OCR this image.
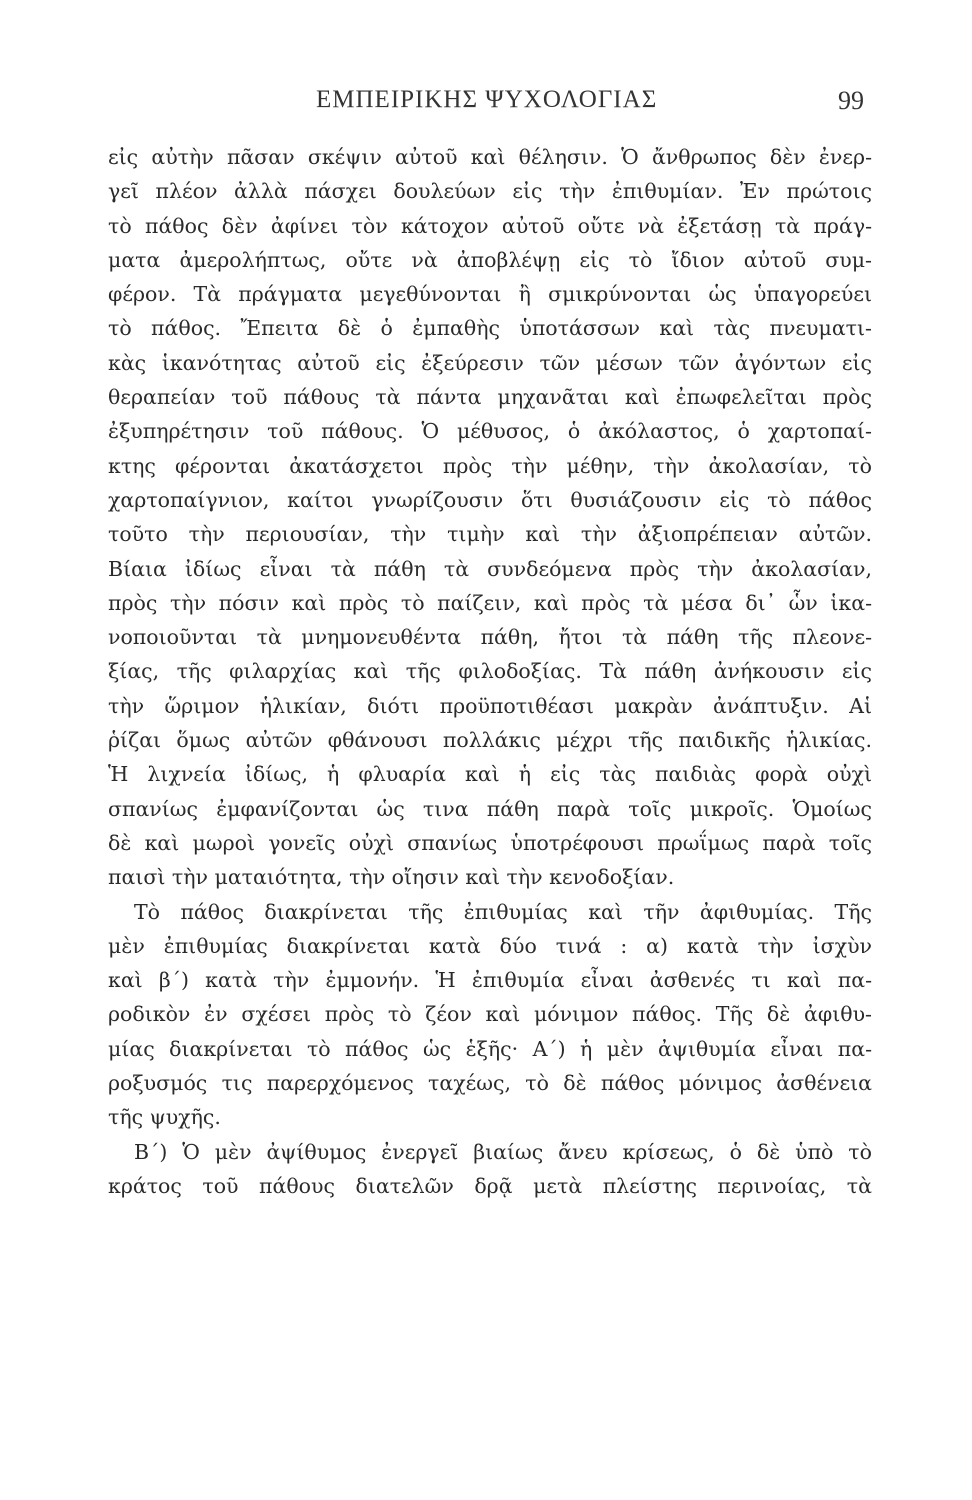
ΕΜΠΕΙΡΙΚΗΣ ΨΥΧΟΛΟΓΙΑΣ	99
εἰς αὐτὴν πᾶσαν σκέψιν αὐτοῦ καὶ θέλησιν. Ὁ ἄνθρωπος δὲν ἐνερ-
γεῖ πλέον ἀλλὰ πάσχει δουλεύων εἰς τὴν ἐπιθυμίαν. Ἐν πρώτοις
τὸ πάθος δὲν ἀφίνει τὸν κάτοχον αὐτοῦ οὔτε νὰ ἐξετάσῃ τὰ πράγ-
ματα ἀμερολήπτως, οὔτε νὰ ἀποβλέψῃ εἰς τὸ ἴδιον αὐτοῦ συμ-
φέρον. Τὰ πράγματα μεγεθύνονται ἢ σμικρύνονται ὡς ὑπαγορεύει
τὸ πάθος. Ἔπειτα δὲ ὁ ἐμπαθὴς ὑποτάσσων καὶ τὰς πνευματι-
κὰς ἱκανότητας αὐτοῦ εἰς ἐξεύρεσιν τῶν μέσων τῶν ἀγόντων εἰς
θεραπείαν τοῦ πάθους τὰ πάντα μηχανᾶται καὶ ἐπωφελεῖται πρὸς
ἐξυπηρέτησιν τοῦ πάθους. Ὁ μέθυσος, ὁ ἀκόλαστος, ὁ χαρτοπαί-
κτης φέρονται ἀκατάσχετοι πρὸς τὴν μέθην, τὴν ἀκολασίαν, τὸ
χαρτοπαίγνιον, καίτοι γνωρίζουσιν ὅτι θυσιάζουσιν εἰς τὸ πάθος
τοῦτο τὴν περιουσίαν, τὴν τιμὴν καὶ τὴν ἀξιοπρέπειαν αὐτῶν.
Βίαια ἰδίως εἶναι τὰ πάθη τὰ συνδεόμενα πρὸς τὴν ἀκολασίαν,
πρὸς τὴν πόσιν καὶ πρὸς τὸ παίζειν, καὶ πρὸς τὰ μέσα δι᾽ ὧν ἱκα-
νοποιοῦνται τὰ μνημονευθέντα πάθη, ἤτοι τὰ πάθη τῆς πλεονε-
ξίας, τῆς φιλαρχίας καὶ τῆς φιλοδοξίας. Τὰ πάθη ἀνήκουσιν εἰς
τὴν ὥριμον ἡλικίαν, διότι προϋποτιθέασι μακρὰν ἀνάπτυξιν. Αἱ
ῥίζαι ὅμως αὐτῶν φθάνουσι πολλάκις μέχρι τῆς παιδικῆς ἡλικίας.
Ἡ λιχνεία ἰδίως, ἡ φλυαρία καὶ ἡ εἰς τὰς παιδιὰς φορὰ οὐχὶ
σπανίως ἐμφανίζονται ὡς τινα πάθη παρὰ τοῖς μικροῖς. Ὁμοίως
δὲ καὶ μωροὶ γονεῖς οὐχὶ σπανίως ὑποτρέφουσι πρωΐμως παρὰ τοῖς
παισὶ τὴν ματαιότητα, τὴν οἴησιν καὶ τὴν κενοδοξίαν.
Τὸ πάθος διακρίνεται τῆς ἐπιθυμίας καὶ τῆν ἀφιθυμίας. Τῆς
μὲν ἐπιθυμίας διακρίνεται κατὰ δύο τινά : α) κατὰ τὴν ἰσχὺν
καὶ β΄) κατὰ τὴν ἐμμονήν. Ἡ ἐπιθυμία εἶναι ἀσθενές τι καὶ πα-
ροδικὸν ἐν σχέσει πρὸς τὸ ζέον καὶ μόνιμον πάθος. Τῆς δὲ ἀφιθυ-
μίας διακρίνεται τὸ πάθος ὡς ἑξῆς· Α΄) ἡ μὲν ἀψιθυμία εἶναι πα-
ροξυσμός τις παρερχόμενος ταχέως, τὸ δὲ πάθος μόνιμος ἀσθένεια
τῆς ψυχῆς.
Β΄) Ὁ μὲν ἀψίθυμος ἐνεργεῖ βιαίως ἄνευ κρίσεως, ὁ δὲ ὑπὸ τὸ
κράτος τοῦ πάθους διατελῶν δρᾷ μετὰ πλείστης περινοίας, τὰ
